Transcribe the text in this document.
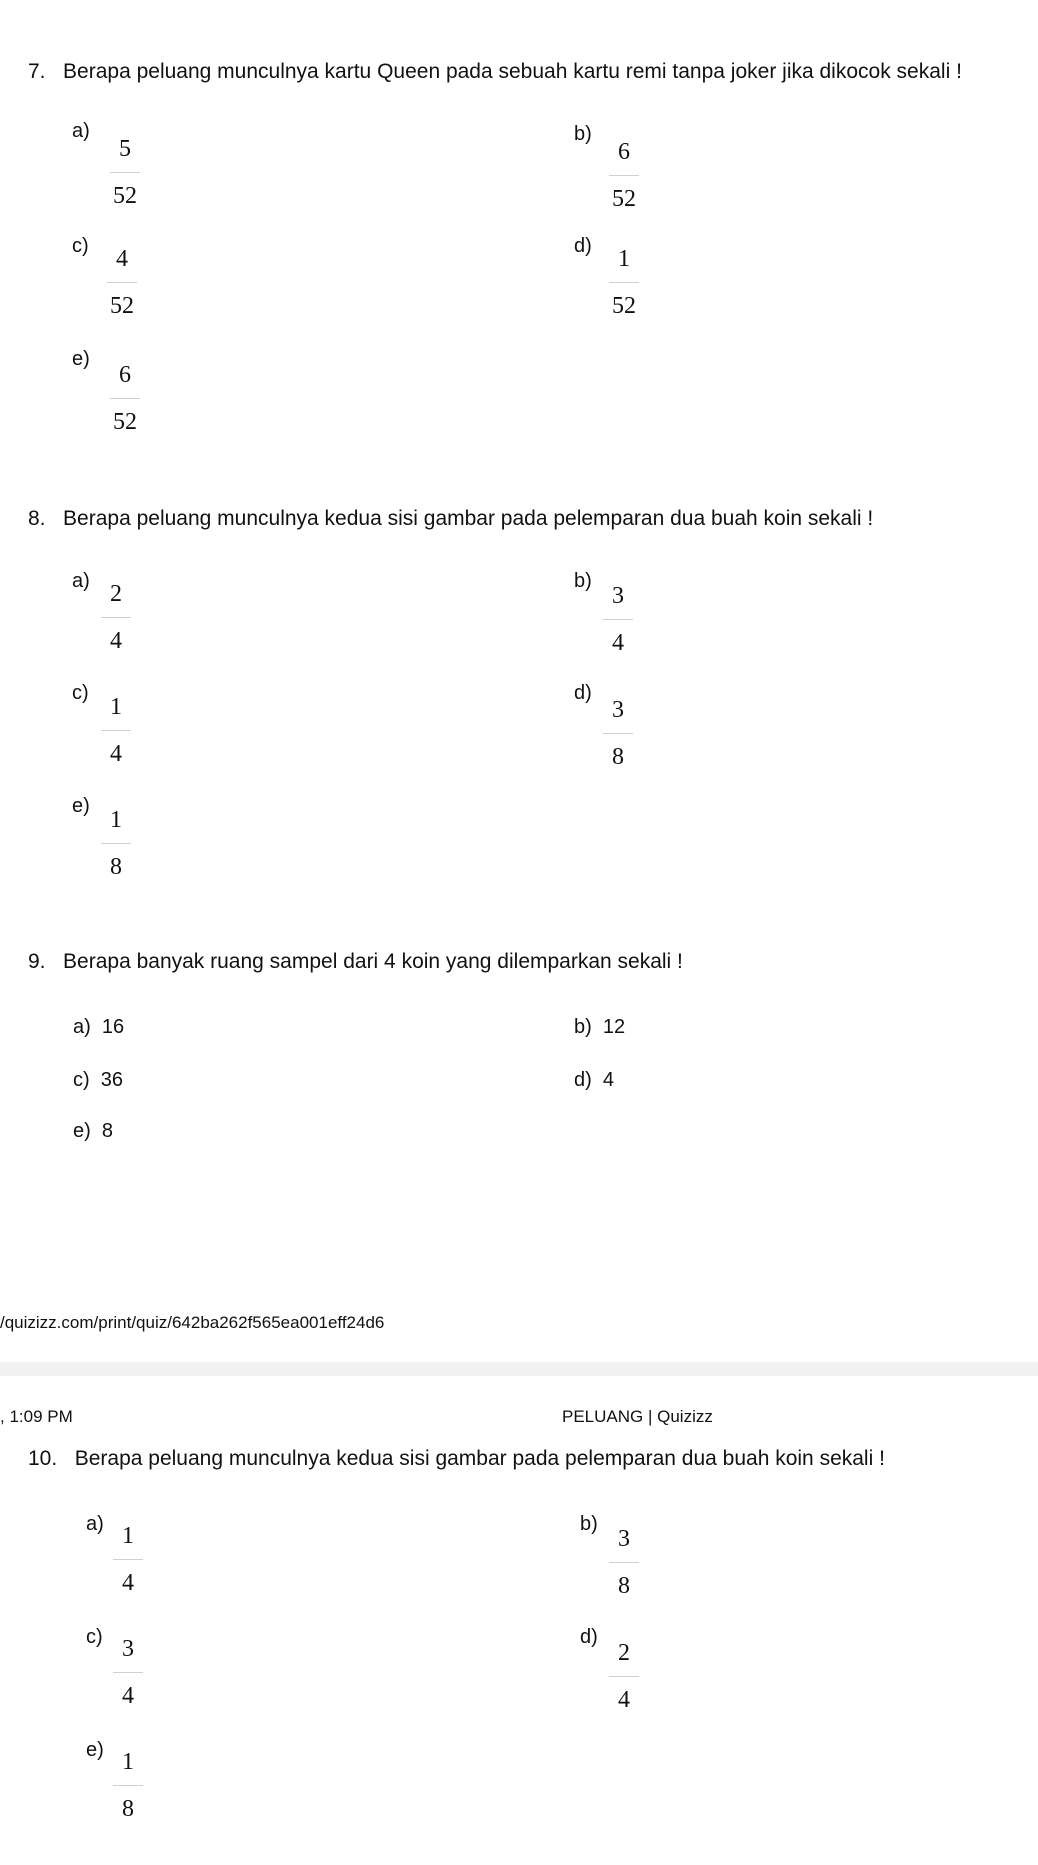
7. Berapa peluang munculnya kartu Queen pada sebuah kartu remi tanpa joker jika dikocok sekali !
a)
5
52
b)
6
52
c)	4
52
d)	1
52
e)
6
52
8. Berapa peluang munculnya kedua sisi gambar pada pelemparan dua buah koin sekali !
a) 2
4
b)
3
4
c)
1
4
d)
3
8
e)
1
8
9. Berapa banyak ruang sampel dari 4 koin yang dilemparkan sekali !
a) 16	b) 12
c) 36	d) 4
e) 8
/quizizz.com/print/quiz/642ba262f565ea001eff24d6
, 1:09 PM	PELUANG | Quizizz
10. Berapa peluang munculnya kedua sisi gambar pada pelemparan dua buah koin sekali !
a) 1
4
b)
3
8
c) 3
4
d)
2
4
e) 1
8
